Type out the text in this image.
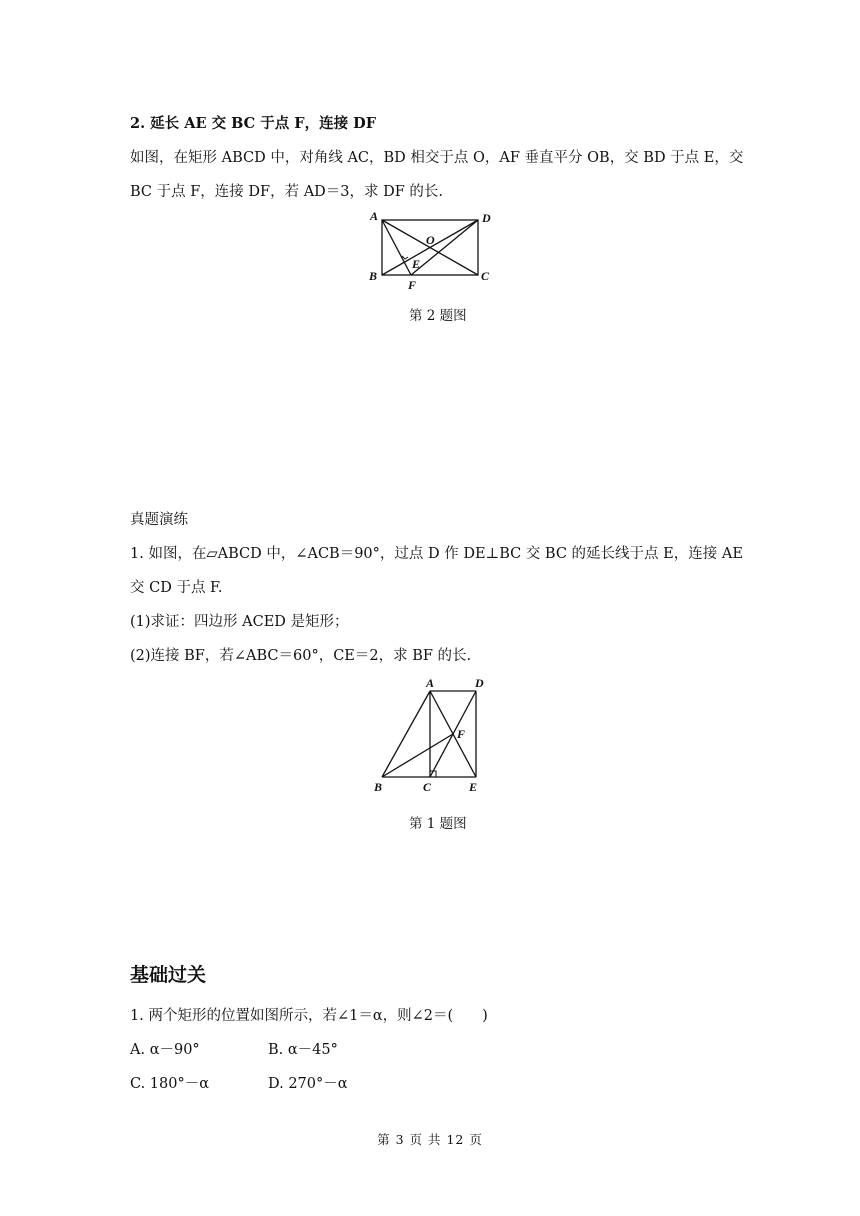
2. 延长 AE 交 BC 于点 F，连接 DF
如图，在矩形 ABCD 中，对角线 AC，BD 相交于点 O，AF 垂直平分 OB，交 BD 于点 E，交
BC 于点 F，连接 DF，若 AD＝3，求 DF 的长.
A	D
O
B
E
F
C
第 2 题图
真题演练
1. 如图，在▱ABCD 中，∠ACB＝90°，过点 D 作 DE⊥BC 交 BC 的延长线于点 E，连接 AE
交 CD 于点 F.
(1)求证：四边形 ACED 是矩形；
(2)连接 BF，若∠ABC＝60°，CE＝2，求 BF 的长.
A	D
F
B	C	E
第 1 题图
基础过关
1. 两个矩形的位置如图所示，若∠1＝α，则∠2＝(　　)
A. α－90°	B. α－45°
C. 180°－α	D. 270°－α
第 3 页 共 12 页
